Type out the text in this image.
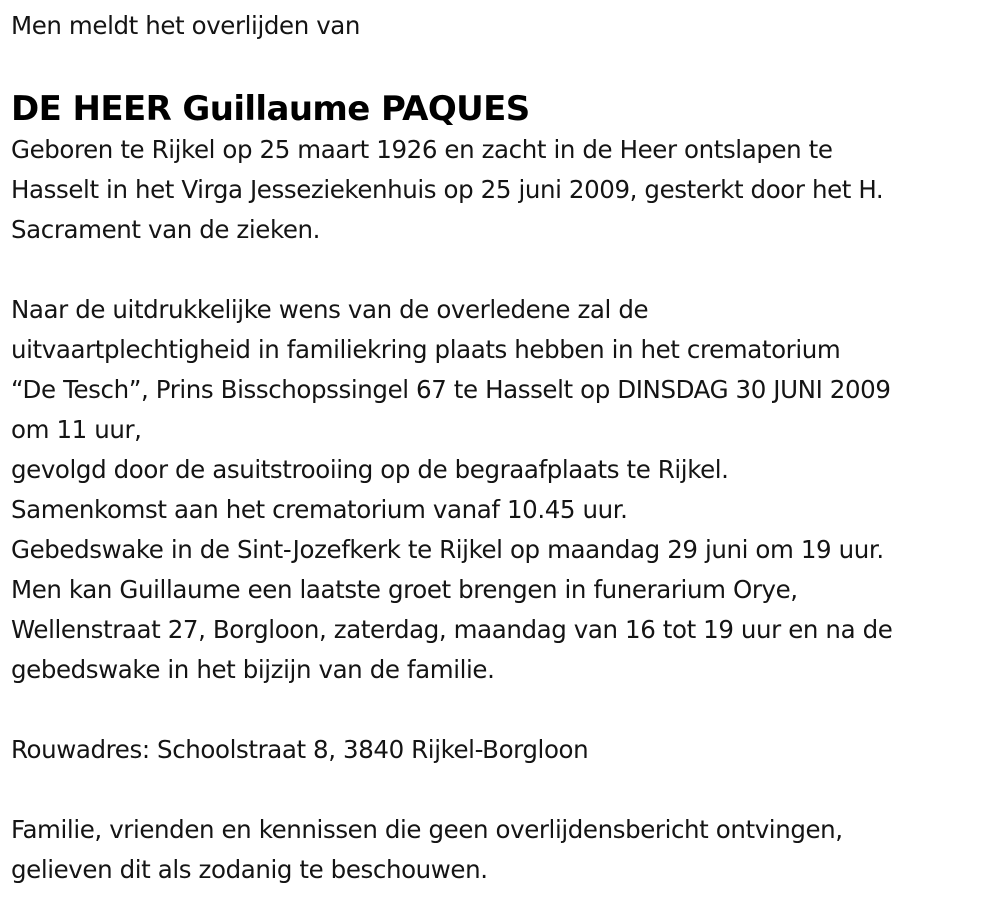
Men meldt het overlijden van
DE HEER Guillaume PAQUES
Geboren te Rijkel op 25 maart 1926 en zacht in de Heer ontslapen te
Hasselt in het Virga Jesseziekenhuis op 25 juni 2009, gesterkt door het H.
Sacrament van de zieken.
Naar de uitdrukkelijke wens van de overledene zal de
uitvaartplechtigheid in familiekring plaats hebben in het crematorium
“De Tesch”, Prins Bisschopssingel 67 te Hasselt op DINSDAG 30 JUNI 2009
om 11 uur,
gevolgd door de asuitstrooiing op de begraafplaats te Rijkel.
Samenkomst aan het crematorium vanaf 10.45 uur.
Gebedswake in de Sint-Jozefkerk te Rijkel op maandag 29 juni om 19 uur.
Men kan Guillaume een laatste groet brengen in funerarium Orye,
Wellenstraat 27, Borgloon, zaterdag, maandag van 16 tot 19 uur en na de
gebedswake in het bijzijn van de familie.
Rouwadres: Schoolstraat 8, 3840 Rijkel-Borgloon
Familie, vrienden en kennissen die geen overlijdensbericht ontvingen,
gelieven dit als zodanig te beschouwen.
